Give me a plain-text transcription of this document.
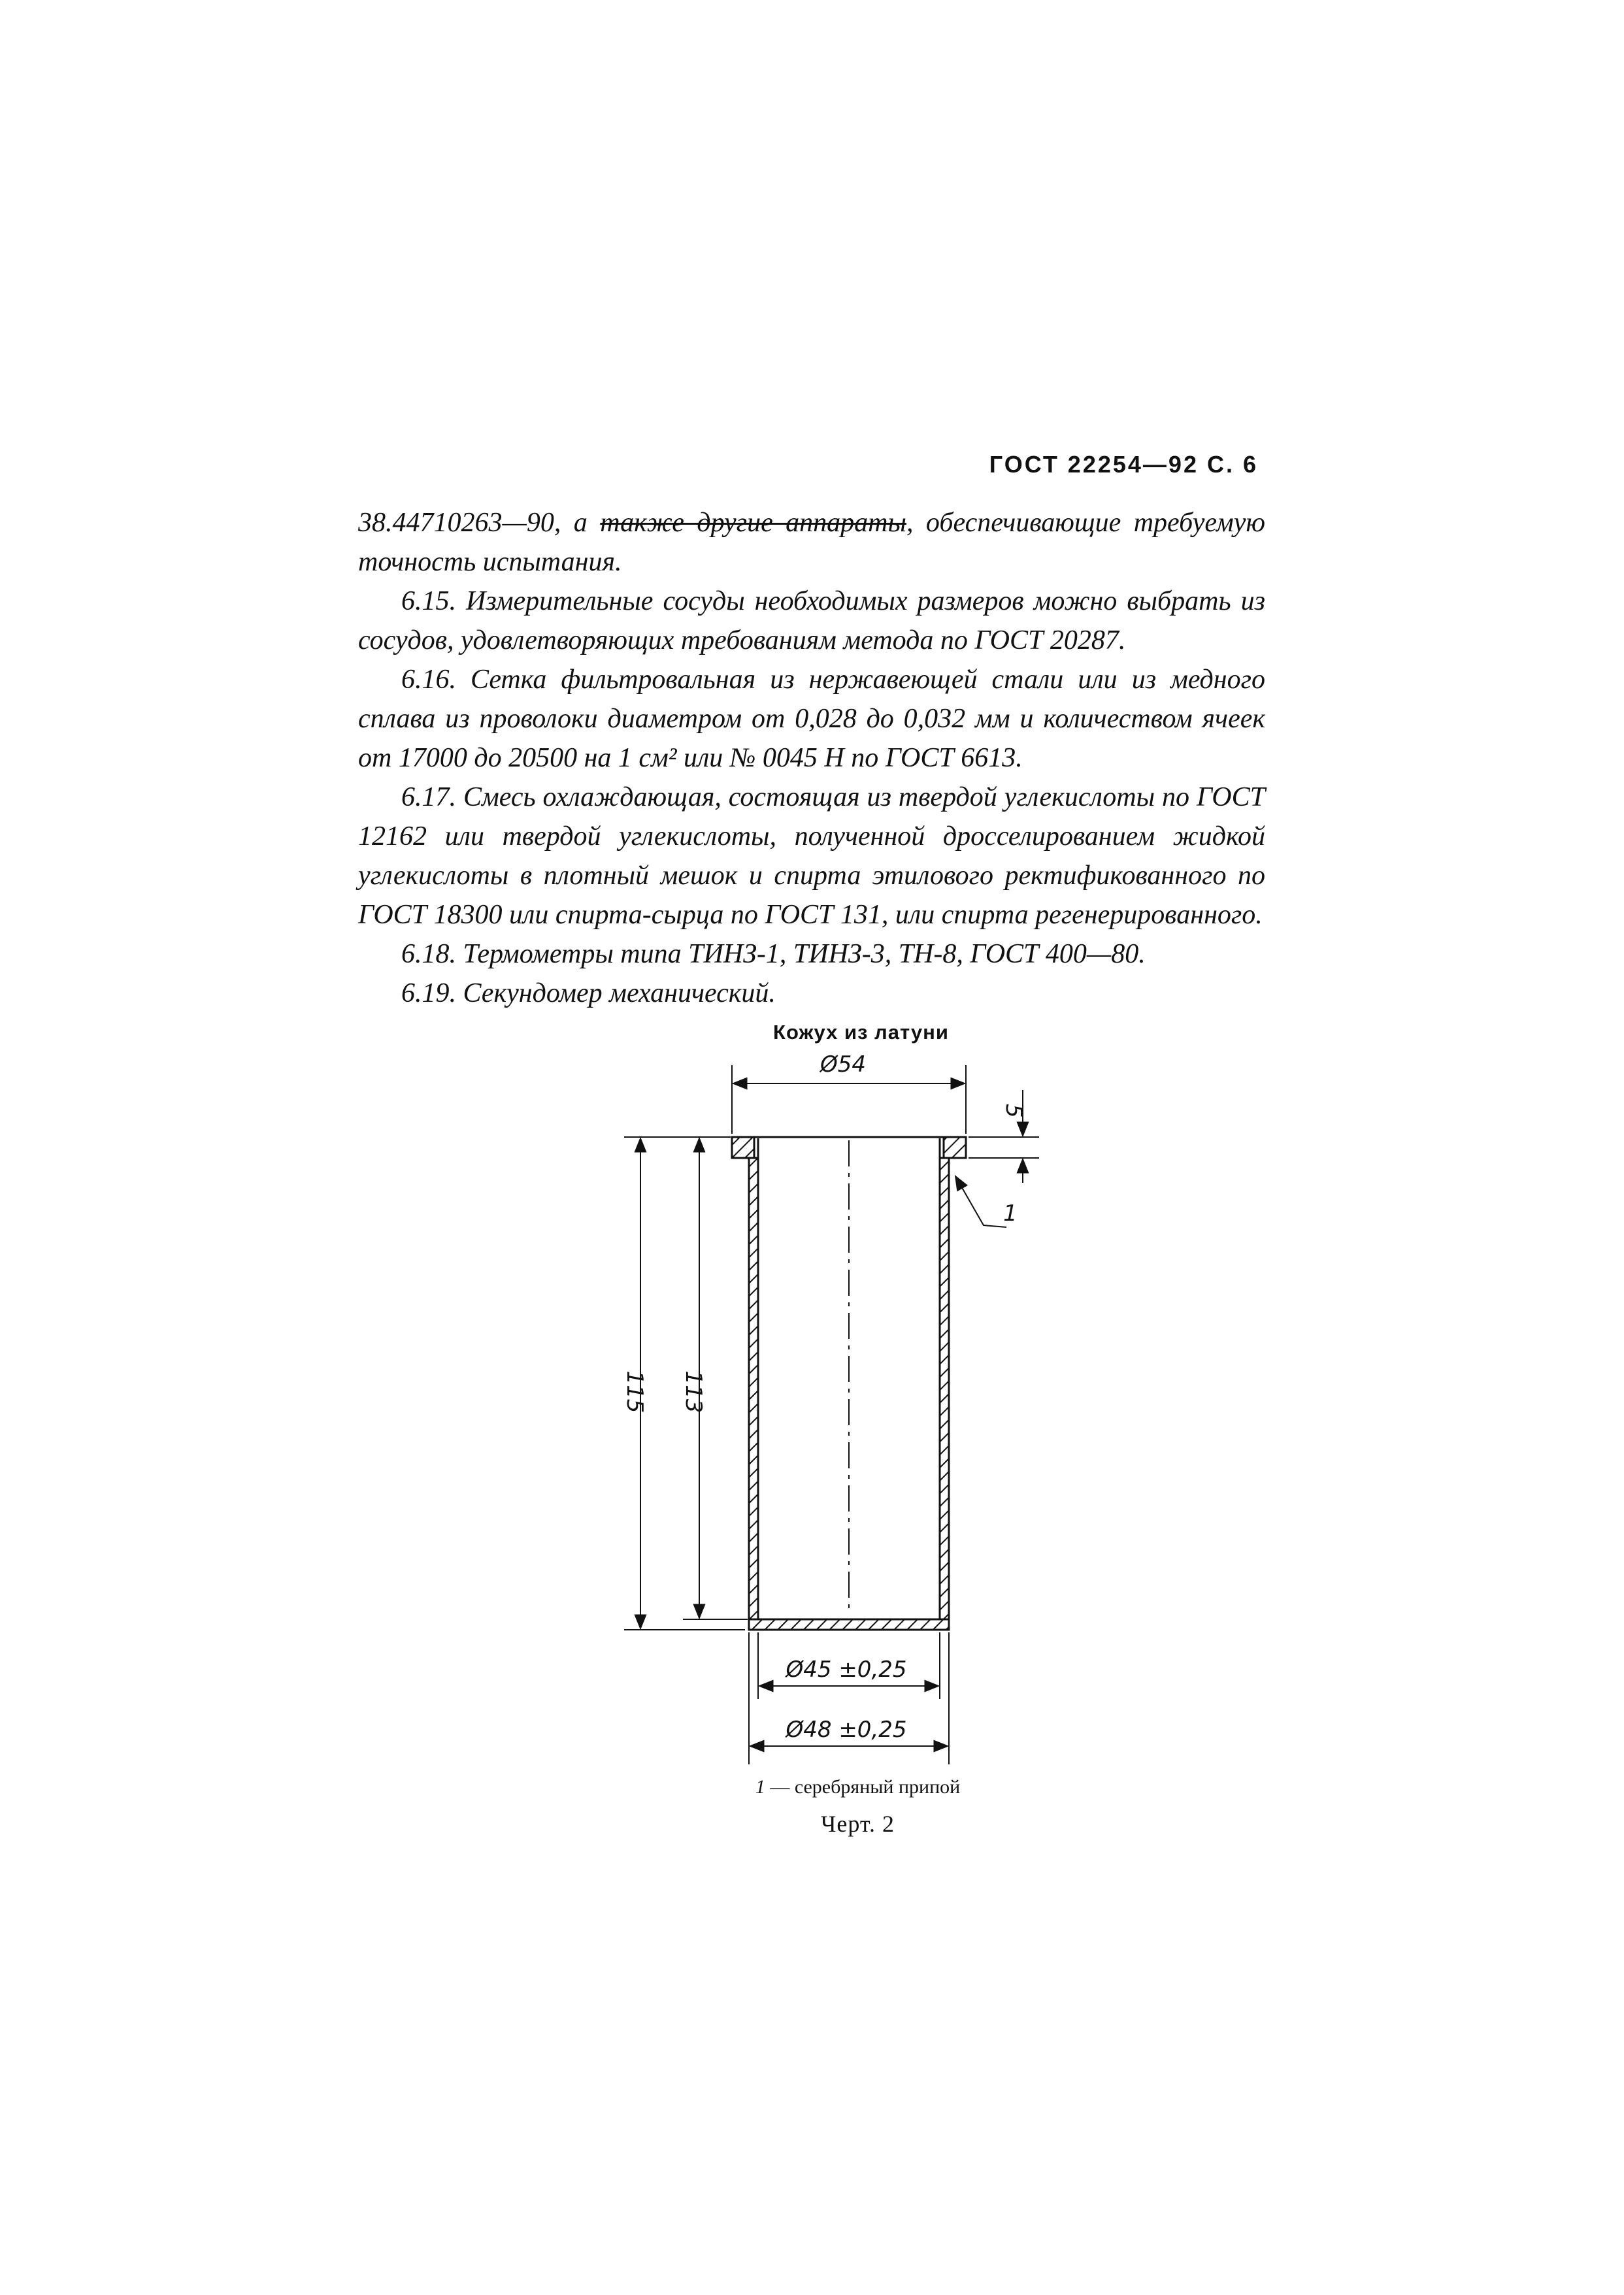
ГОСТ 22254—92 С. 6

38.44710263—90, а также другие аппараты, обеспечивающие требуемую точность испытания.

6.15. Измерительные сосуды необходимых размеров можно выбрать из сосудов, удовлетворяющих требованиям метода по ГОСТ 20287.

6.16. Сетка фильтровальная из нержавеющей стали или из медного сплава из проволоки диаметром от 0,028 до 0,032 мм и количеством ячеек от 17000 до 20500 на 1 см² или № 0045 Н по ГОСТ 6613.

6.17. Смесь охлаждающая, состоящая из твердой углекислоты по ГОСТ 12162 или твердой углекислоты, полученной дросселированием жидкой углекислоты в плотный мешок и спирта этилового ректификованного по ГОСТ 18300 или спирта-сырца по ГОСТ 131, или спирта регенерированного.

6.18. Термометры типа ТИНЗ-1, ТИНЗ-3, ТН-8, ГОСТ 400—80.

6.19. Секундомер механический.

Кожух из латуни
Ø54
5
1
115 113
Ø45 ±0,25
Ø48 ±0,25
1 — серебряный припой
Черт. 2
